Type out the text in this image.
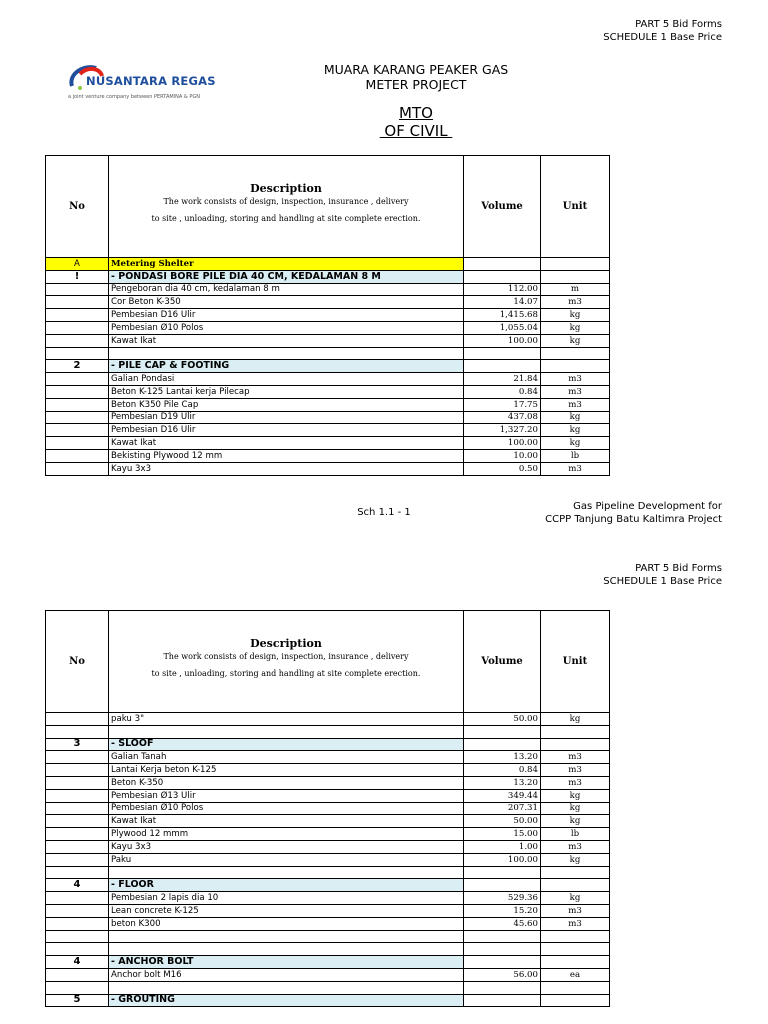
PART 5 Bid Forms
SCHEDULE 1 Base Price
NUSANTARA REGAS
a joint venture company between PERTAMINA & PGN
MUARA KARANG PEAKER GAS
METER PROJECT
MTO
OF CIVIL
No	Description
The work consists of design, inspection, insurance , delivery
to site , unloading, storing and handling at site complete erection.	Volume	Unit
A	Metering Shelter		
!	- PONDASI BORE PILE DIA 40 CM, KEDALAMAN 8 M		
	Pengeboran dia 40 cm, kedalaman 8 m	112.00	m
	Cor Beton K-350	14.07	m3
	Pembesian D16 Ulir	1,415.68	kg
	Pembesian Ø10 Polos	1,055.04	kg
	Kawat Ikat	100.00	kg

2	- PILE CAP & FOOTING		
	Galian Pondasi	21.84	m3
	Beton K-125 Lantai kerja Pilecap	0.84	m3
	Beton K350 Pile Cap	17.75	m3
	Pembesian D19 Ulir	437.08	kg
	Pembesian D16 Ulir	1,327.20	kg
	Kawat Ikat	100.00	kg
	Bekisting Plywood 12 mm	10.00	lb
	Kayu 3x3	0.50	m3
Sch 1.1 - 1
Gas Pipeline Development for
CCPP Tanjung Batu Kaltimra Project
PART 5 Bid Forms
SCHEDULE 1 Base Price
No	Description
The work consists of design, inspection, insurance , delivery
to site , unloading, storing and handling at site complete erection.	Volume	Unit
	paku 3"	50.00	kg

3	- SLOOF		
	Galian Tanah	13.20	m3
	Lantai Kerja beton K-125	0.84	m3
	Beton K-350	13.20	m3
	Pembesian Ø13 Ulir	349.44	kg
	Pembesian Ø10 Polos	207.31	kg
	Kawat Ikat	50.00	kg
	Plywood 12 mmm	15.00	lb
	Kayu 3x3	1.00	m3
	Paku	100.00	kg

4	- FLOOR		
	Pembesian 2 lapis dia 10	529.36	kg
	Lean concrete K-125	15.20	m3
	beton K300	45.60	m3

4	- ANCHOR BOLT		
	Anchor bolt M16	56.00	ea

5	- GROUTING		
